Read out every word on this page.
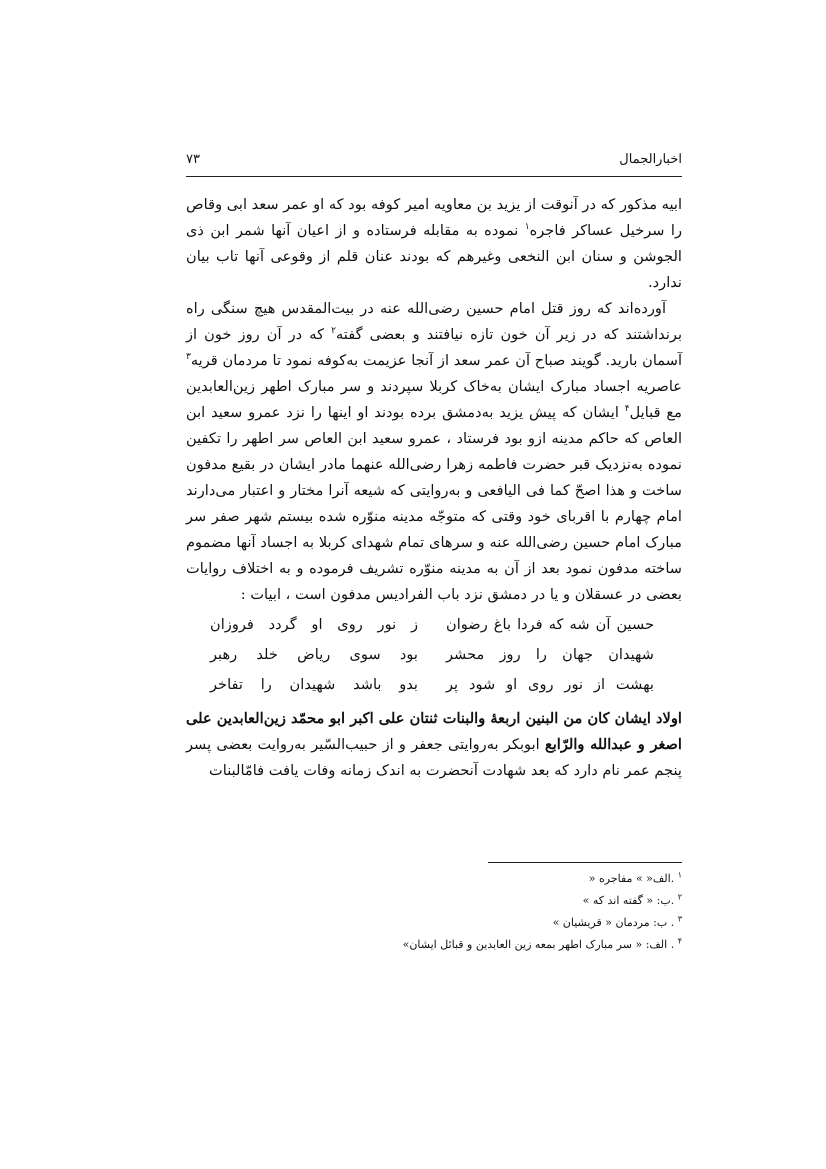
اخبارالجمال
۷۳

ابیه مذکور که در آنوقت از یزید بن معاویه امیر کوفه بود که او عمر سعد ابی وقاص را سرخیل عساکر فاجره$^۱$ نموده به مقابله فرستاده و از اعیان آنها شمر ابن ذی الجوشن و سنان ابن النخعی وغیرهم که بودند عنان قلم از وقوعی آنها تاب بیان ندارد.

آورده‌اند که روز قتل امام حسین رضی‌الله عنه در بیت‌المقدس هیچ سنگی راه برنداشتند که در زیر آن خون تازه نیافتند و بعضی گفته$^۲$ که در آن روز خون از آسمان بارید. گویند صباح آن عمر سعد از آنجا عزیمت به‌کوفه نمود تا مردمان قریه$^۳$ عاصریه اجساد مبارک ایشان به‌خاک کربلا سپردند و سر مبارک اطهر زین‌العابدین مع قبایل$^۴$ ایشان که پیش یزید به‌دمشق برده بودند او اینها را نزد عمرو سعید ابن العاص که حاکم مدینه ازو بود فرستاد ، عمرو سعید ابن العاص سر اطهر را تکفین نموده به‌نزدیک قبر حضرت فاطمه زهرا رضی‌الله عنهما مادر ایشان در بقیع مدفون ساخت و هذا اصحّ کما فی الیافعی و به‌روایتی که شیعه آنرا مختار و اعتبار می‌دارند امام چهارم با اقربای خود وقتی که متوجّه مدینه منوّره شده بیستم شهر صفر سر مبارک امام حسین رضی‌الله عنه و سرهای تمام شهدای کربلا به اجساد آنها مضموم ساخته مدفون نمود بعد از آن به مدینه منوّره تشریف فرموده و به اختلاف روایات بعضی در عسقلان و یا در دمشق نزد باب الفرادیس مدفون است ، ابیات :

حسین آن شه که فردا باغ رضوان
ز نور روی او گردد فروزان
شهیدان جهان را روز محشر
بود سوی ریاض خلد رهبر
بهشت از نور روی او شود پر
بدو باشد شهیدان را تفاخر

اولاد ایشان کان من البنین اربعهٔ والبنات ثنتان علی اکبر ابو محمّد زین‌العابدین علی اصغر و عبدالله والرّابع ابوبکر به‌روایتی جعفر و از حبیب‌السّیر به‌روایت بعضی پسر پنجم عمر نام دارد که بعد شهادت آنحضرت به اندک زمانه وفات یافت فامّالبنات

$^۱$ .الف« » مفاجره «

$^۲$ .ب: « گفته اند که »

$^۳$ . ب: مردمان « قریشیان »

$^۴$ . الف: « سر مبارک اطهر بمعه زین العابدین و قبائل ایشان»
